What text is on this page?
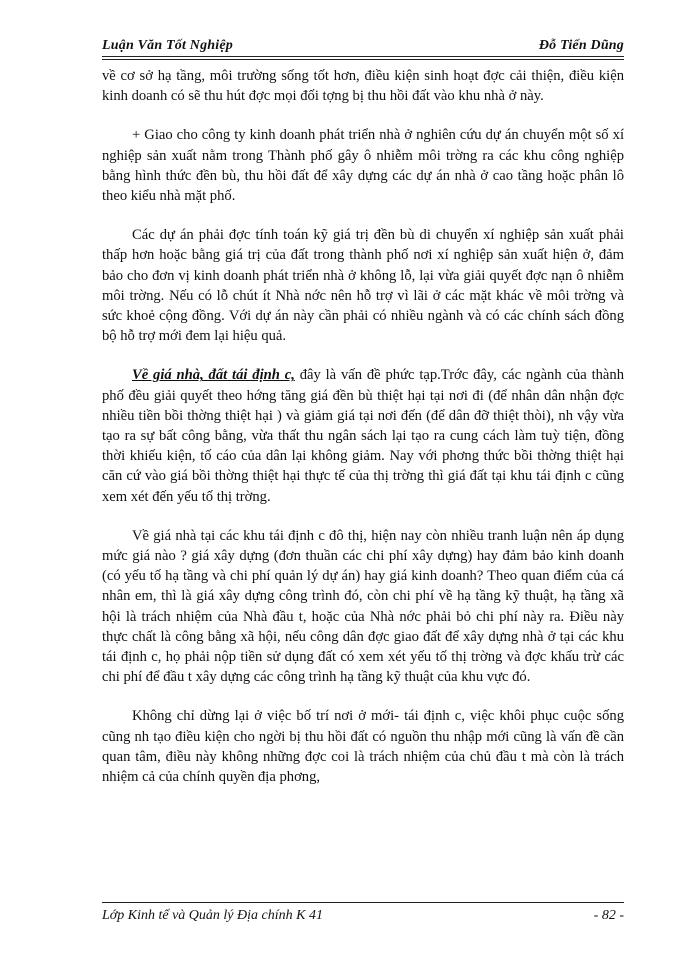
Luận Văn Tốt Nghiệp	Đỗ Tiến Dũng

về cơ sở hạ tầng, môi trường sống tốt hơn, điều kiện sinh hoạt đợc cải thiện, điều kiện kinh doanh có sẽ thu hút đợc mọi đối tợng bị thu hồi đất vào khu nhà ở này.

+ Giao cho công ty kinh doanh phát triển nhà ở nghiên cứu dự án chuyển một số xí nghiệp sản xuất nằm trong Thành phố gây ô nhiễm môi trờng ra các khu công nghiệp bằng hình thức đền bù, thu hồi đất để xây dựng các dự án nhà ở cao tầng hoặc phân lô theo kiểu nhà mặt phố.

Các dự án phải đợc tính toán kỹ giá trị đền bù di chuyển xí nghiệp sản xuất phải thấp hơn hoặc bằng giá trị của đất trong thành phố nơi xí nghiệp sản xuất hiện ở, đảm bảo cho đơn vị kinh doanh phát triển nhà ở không lỗ, lại vừa giải quyết đợc nạn ô nhiễm môi trờng. Nếu có lỗ chút ít Nhà nớc nên hỗ trợ vì lãi ở các mặt khác về môi trờng và sức khoẻ cộng đồng. Với dự án này cần phải có nhiều ngành và có các chính sách đồng bộ hỗ trợ mới đem lại hiệu quả.

Về giá nhà, đất tái định c, đây là vấn đề phức tạp.Trớc đây, các ngành của thành phố đều giải quyết theo hớng tăng giá đền bù thiệt hại tại nơi đi (để nhân dân nhận đợc nhiều tiền bồi thờng thiệt hại ) và giảm giá tại nơi đến (để dân đỡ thiệt thòi), nh vậy vừa tạo ra sự bất công bằng, vừa thất thu ngân sách lại tạo ra cung cách làm tuỳ tiện, đồng thời khiếu kiện, tố cáo của dân lại không giảm. Nay với phơng thức bồi thờng thiệt hại căn cứ vào giá bồi thờng thiệt hại thực tế của thị trờng thì giá đất tại khu tái định c cũng xem xét đến yếu tố thị trờng.

Về giá nhà tại các khu tái định c đô thị, hiện nay còn nhiều tranh luận nên áp dụng mức giá nào ? giá xây dựng (đơn thuần các chi phí xây dựng) hay đảm bảo kinh doanh (có yếu tố hạ tầng và chi phí quản lý dự án) hay giá kinh doanh? Theo quan điểm của cá nhân em, thì là giá xây dựng công trình đó, còn chi phí về hạ tầng kỹ thuật, hạ tầng xã hội là trách nhiệm của Nhà đầu t, hoặc của Nhà nớc phải bỏ chi phí này ra. Điều này thực chất là công bằng xã hội, nếu công dân đợc giao đất để xây dựng nhà ở tại các khu tái định c, họ phải nộp tiền sử dụng đất có xem xét yếu tố thị trờng và đợc khấu trừ các chi phí để đầu t xây dựng các công trình hạ tầng kỹ thuật của khu vực đó.

Không chỉ dừng lại ở việc bố trí nơi ở mới- tái định c, việc khôi phục cuộc sống cũng nh tạo điều kiện cho ngời bị thu hồi đất có nguồn thu nhập mới cũng là vấn đề cần quan tâm, điều này không những đợc coi là trách nhiệm của chủ đầu t mà còn là trách nhiệm cả của chính quyền địa phơng,

Lớp Kinh tế và Quản lý Địa chính K 41	- 82 -
